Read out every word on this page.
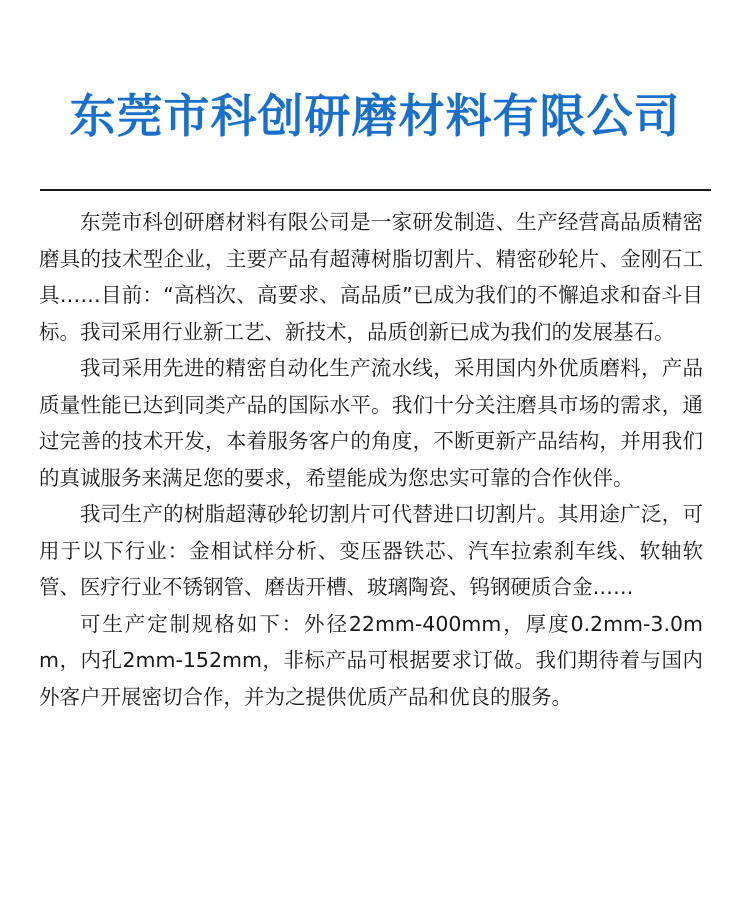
东莞市科创研磨材料有限公司

东莞市科创研磨材料有限公司是一家研发制造、生产经营高品质精密磨具的技术型企业，主要产品有超薄树脂切割片、精密砂轮片、金刚石工具……目前：“高档次、高要求、高品质”已成为我们的不懈追求和奋斗目标。我司采用行业新工艺、新技术，品质创新已成为我们的发展基石。

我司采用先进的精密自动化生产流水线，采用国内外优质磨料，产品质量性能已达到同类产品的国际水平。我们十分关注磨具市场的需求，通过完善的技术开发，本着服务客户的角度，不断更新产品结构，并用我们的真诚服务来满足您的要求，希望能成为您忠实可靠的合作伙伴。

我司生产的树脂超薄砂轮切割片可代替进口切割片。其用途广泛，可用于以下行业：金相试样分析、变压器铁芯、汽车拉索刹车线、软轴软管、医疗行业不锈钢管、磨齿开槽、玻璃陶瓷、钨钢硬质合金……

可生产定制规格如下：外径22mm-400mm，厚度0.2mm-3.0mm，内孔2mm-152mm，非标产品可根据要求订做。我们期待着与国内外客户开展密切合作，并为之提供优质产品和优良的服务。
